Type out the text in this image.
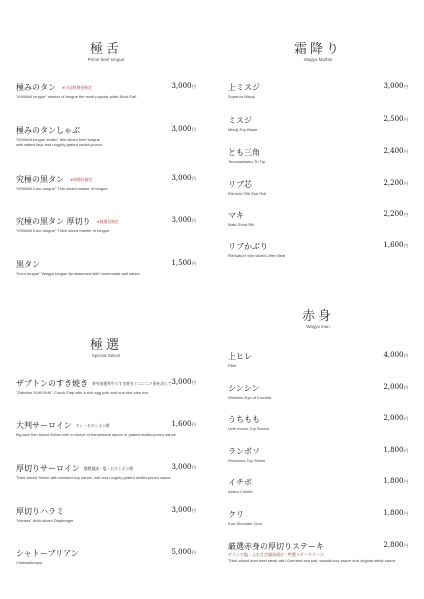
極舌
Prime beef tongue
極みのタン ※当店料理長指定	3,000円
"KIWAMI tongue" master of tongue the most popular plate,Must Eat!
極みのタンしゃぶ	3,000円
"KIWAMI tongue shabu" thin sliced beef tongue
with salted kelp and roughly grated radish-ponzu
究極の黒タン ※料理長指定	3,000円
"KIWAMI Kuro tongue" Thin sliced master of tongue
究極の黒タン 厚切り ※料理長指定	3,000円
"KIWAMI Kuro tongue" Thick sliced master of tongue
黒タン	1,500円
"Kuro tongue" Wagyu tongue tip seasoned with homemade salt sauce
霜降り
Wagyu Marble
上ミスジ	3,000円
Superior Misuji
ミスジ	2,500円
Misuji-Top Blade
とも三角	2,400円
Tomosankaku-Tri Tip
リブ芯	2,200円
Rib'shin'-Rib Eye Roll
マキ	2,200円
Maki-Short Rib
リブかぶり	1,600円
Rib'kaburi' thin sliced Lifter Meat
極選
Special Select
ザブトンのすき焼き 黄身黒蜜和牛のすき焼きとニンニク卵を添えて 3,000円
"Zabuton SUKIYAKI" Chuck Flap with a rich egg yolk and one-bite size rice
大判サーロイン タレ・おろしポン酢	1,600円
Big size thin sliced Sirloin with a choice of homemade sauce or grated radish-ponzu sauce
厚切りサーロイン 燻製醤油・塩・おろしポン酢	3,000円
Thick-sliced Sirloin with smoked soy sauce, salt and roughly grated radish-ponzu sauce
厚切りハラミ	3,000円
"Harami" thick-sliced Diaphragm
シャトーブリアン	5,000円
Chateaubriand
赤身
Wagyu lean
上ヒレ	4,000円
Fillet
シンシン	2,000円
Shinshin-Eye of Knuckle
うちもも	2,000円
Uchi momo-Top Round
ランボソ	1,800円
Rumboso-Top Sirloin
イチボ	1,800円
Ichibo-Culotte
クリ	1,800円
Kuri-Shoulder Clod
厳選赤身の厚切りステーキ	2,800円
ゲランド塩・ふわさび醤油漬け・特製ステーキソース
Thick-sliced lean beef steak with Guerand sea salt, wasabi-soy sauce and original steak sauce
